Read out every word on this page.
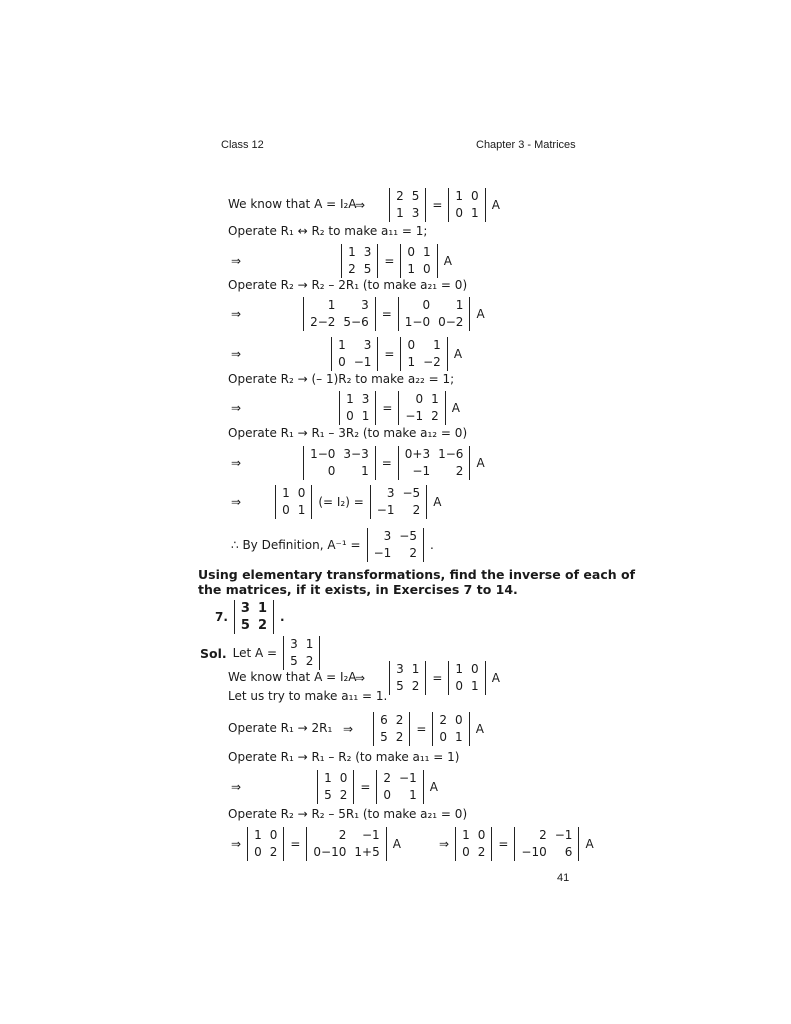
Class 12	Chapter 3 - Matrices
We know that A = I₂A
⇒
2 5
1 3
=
1 0
0 1
A
Operate R₁ ↔ R₂ to make a₁₁ = 1;
⇒
1 3
2 5
=
0 1
1 0
A
Operate R₂ → R₂ – 2R₁ (to make a₂₁ = 0)
⇒
1	3
2−2 5−6
=
0	1
1−0 0−2
A
⇒
1	3
0 −1
=
0	1
1 −2
A
Operate R₂ → (– 1)R₂ to make a₂₂ = 1;
⇒
1 3
0 1
=
0 1
−1 2
A
Operate R₁ → R₁ – 3R₂ (to make a₁₂ = 0)
⇒
1−0 3−3
0	1
=
0+3 1−6
−1	2
A
⇒
1 0
0 1
(= I₂) =
3 −5
−1	2
A
∴ By Definition, A⁻¹ =
3 −5
−1	2
.
Using elementary transformations, find the inverse of each of the matrices, if it exists, in Exercises 7 to 14.
7.
3 1
5 2
.
Sol. Let A =
3 1
5 2
We know that A = I₂A
⇒
3 1
5 2
=
1 0
0 1
A
Let us try to make a₁₁ = 1.
Operate R₁ → 2R₁ ⇒
6 2
5 2
=
2 0
0 1
A
Operate R₁ → R₁ – R₂ (to make a₁₁ = 1)
⇒
1 0
5 2
=
2 −1
0	1
A
Operate R₂ → R₂ – 5R₁ (to make a₂₁ = 0)
⇒
1 0
0 2
=
2	−1
0−10 1+5
A	⇒
1 0
0 2
=
2 −1
−10	6
A
41
